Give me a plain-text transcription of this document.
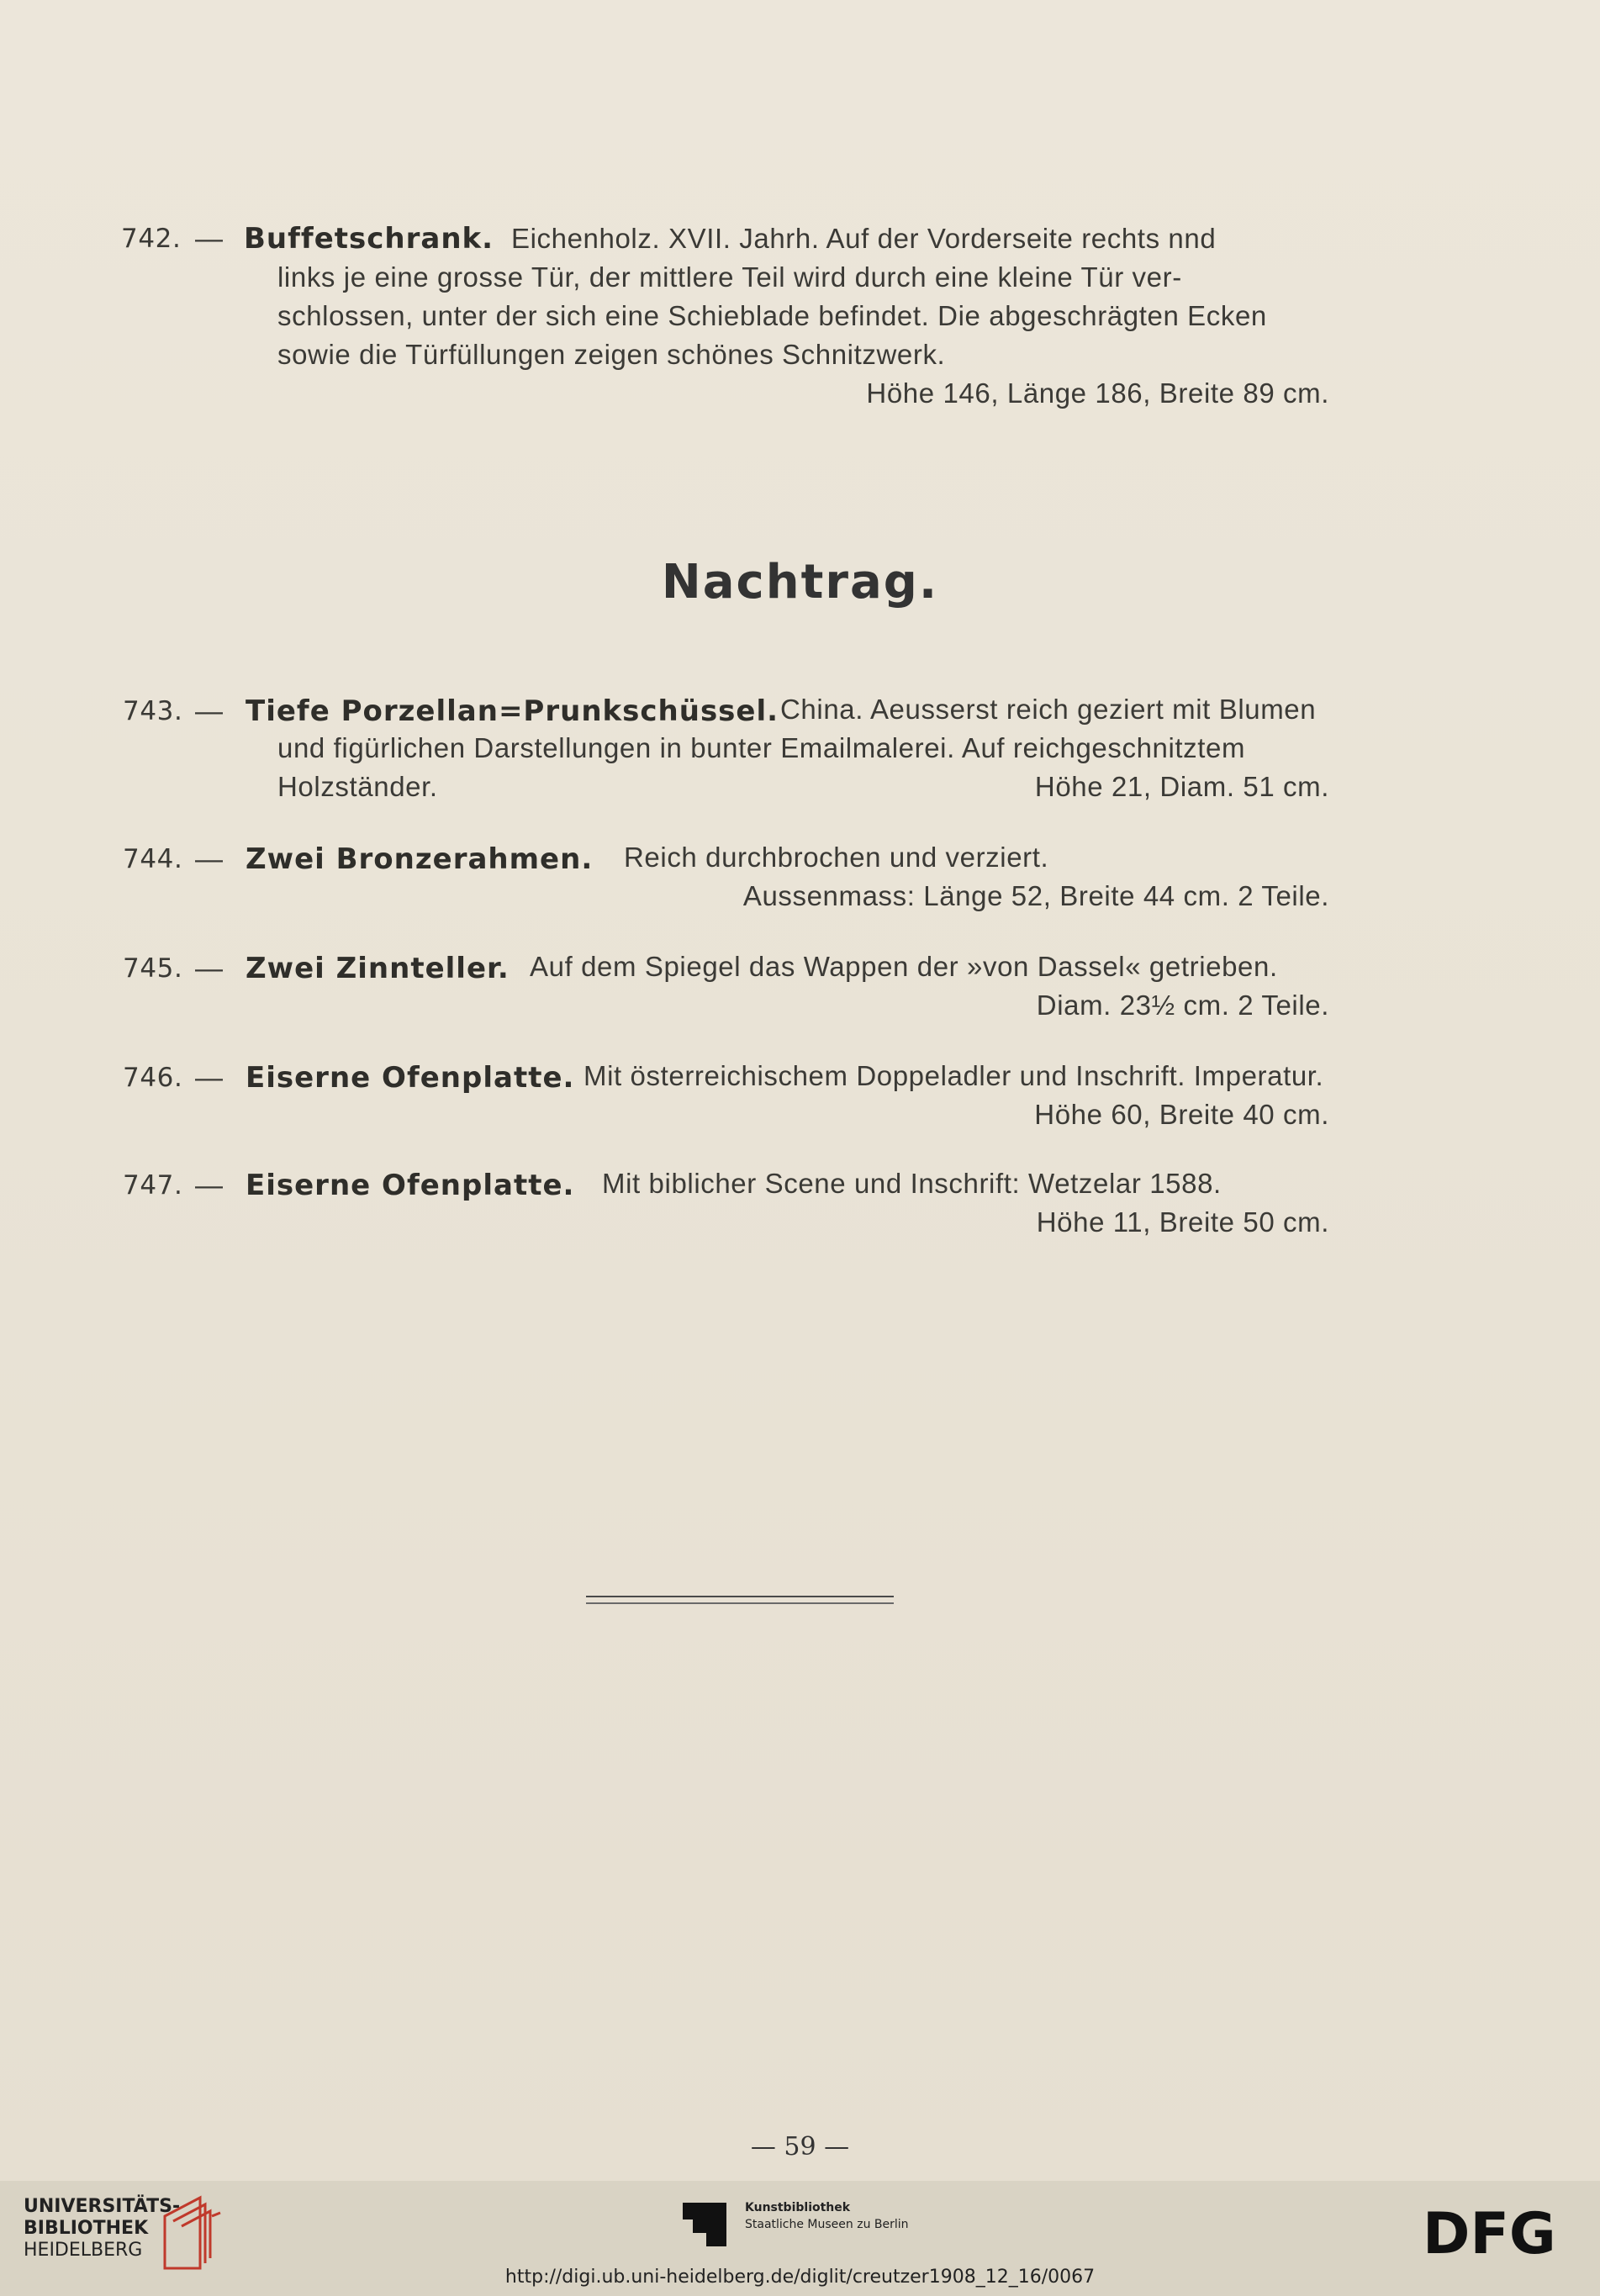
742. — Buffetschrank. Eichenholz. XVII. Jahrh. Auf der Vorderseite rechts nnd
links je eine grosse Tür, der mittlere Teil wird durch eine kleine Tür ver-
schlossen, unter der sich eine Schieblade befindet. Die abgeschrägten Ecken
sowie die Türfüllungen zeigen schönes Schnitzwerk.
Höhe 146, Länge 186, Breite 89 cm.
Nachtrag.
743. — Tiefe Porzellan=Prunkschüssel. China. Aeusserst reich geziert mit Blumen
und figürlichen Darstellungen in bunter Emailmalerei. Auf reichgeschnitztem
Holzständer.	Höhe 21, Diam. 51 cm.
744. — Zwei Bronzerahmen. Reich durchbrochen und verziert.
Aussenmass: Länge 52, Breite 44 cm. 2 Teile.
745. — Zwei Zinnteller. Auf dem Spiegel das Wappen der »von Dassel« getrieben.
Diam. 23½ cm. 2 Teile.
746. — Eiserne Ofenplatte. Mit österreichischem Doppeladler und Inschrift. Imperatur.
Höhe 60, Breite 40 cm.
747. — Eiserne Ofenplatte. Mit biblicher Scene und Inschrift: Wetzelar 1588.
Höhe 11, Breite 50 cm.
— 59 —
UNIVERSITÄTS-
BIBLIOTHEK
HEIDELBERG
Kunstbibliothek
Staatliche Museen zu Berlin	DFG
http://digi.ub.uni-heidelberg.de/diglit/creutzer1908_12_16/0067
